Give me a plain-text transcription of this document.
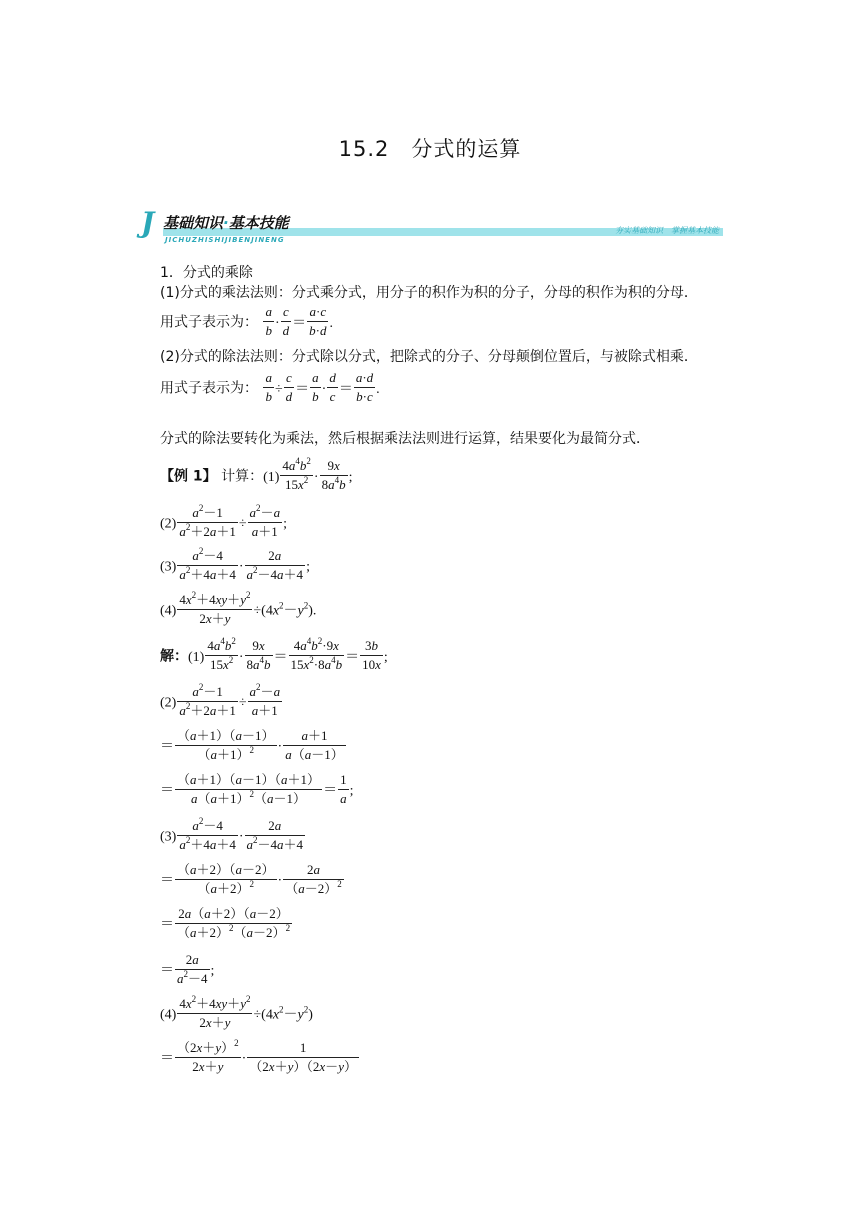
15.2　分式的运算
J 基础知识·基本技能
JICHUZHISHIJIBENJINENG
夯实基础知识　掌握基本技能
1．分式的乘除
(1)分式的乘法法则：分式乘分式，用分子的积作为积的分子，分母的积作为积的分母．
用式子表示为： $\frac{a}{b} \cdot \frac{c}{d} = \frac{a\cdot c}{b\cdot d}$ .
(2)分式的除法法则：分式除以分式，把除式的分子、分母颠倒位置后，与被除式相乘．
用式子表示为： $\frac{a}{b} \div \frac{c}{d} = \frac{a}{b} \cdot \frac{d}{c} = \frac{a\cdot d}{b\cdot c}$ .
分式的除法要转化为乘法，然后根据乘法法则进行运算，结果要化为最简分式．
【例 1】 计算：$(1) \frac{4a^4b^2}{15x^2} \cdot \frac{9x}{8a^4b}$ ;
$(2) \frac{a^2-1}{a^2+2a+1} \div \frac{a^2-a}{a+1}$ ;
$(3) \frac{a^2-4}{a^2+4a+4} \cdot \frac{2a}{a^2-4a+4}$ ;
$(4) \frac{4x^2+4xy+y^2}{2x+y} \div(4x^2-y^2)$.
解：$(1) \frac{4a^4b^2}{15x^2} \cdot \frac{9x}{8a^4b} = \frac{4a^4b^2\cdot 9x}{15x^2\cdot 8a^4b} = \frac{3b}{10x}$ ;
$(2) \frac{a^2-1}{a^2+2a+1} \div \frac{a^2-a}{a+1}$
＝ $\frac{(a+1)(a-1)}{(a+1)^2} \cdot \frac{a+1}{a(a-1)}$
＝ $\frac{(a+1)(a-1)(a+1)}{a(a+1)^2(a-1)} = \frac{1}{a}$ ;
$(3) \frac{a^2-4}{a^2+4a+4} \cdot \frac{2a}{a^2-4a+4}$
＝ $\frac{(a+2)(a-2)}{(a+2)^2} \cdot \frac{2a}{(a-2)^2}$
＝ $\frac{2a(a+2)(a-2)}{(a+2)^2(a-2)^2}$
＝ $\frac{2a}{a^2-4}$ ;
$(4) \frac{4x^2+4xy+y^2}{2x+y} \div(4x^2-y^2)$
＝ $\frac{(2x+y)^2}{2x+y} \cdot \frac{1}{(2x+y)(2x-y)}$
